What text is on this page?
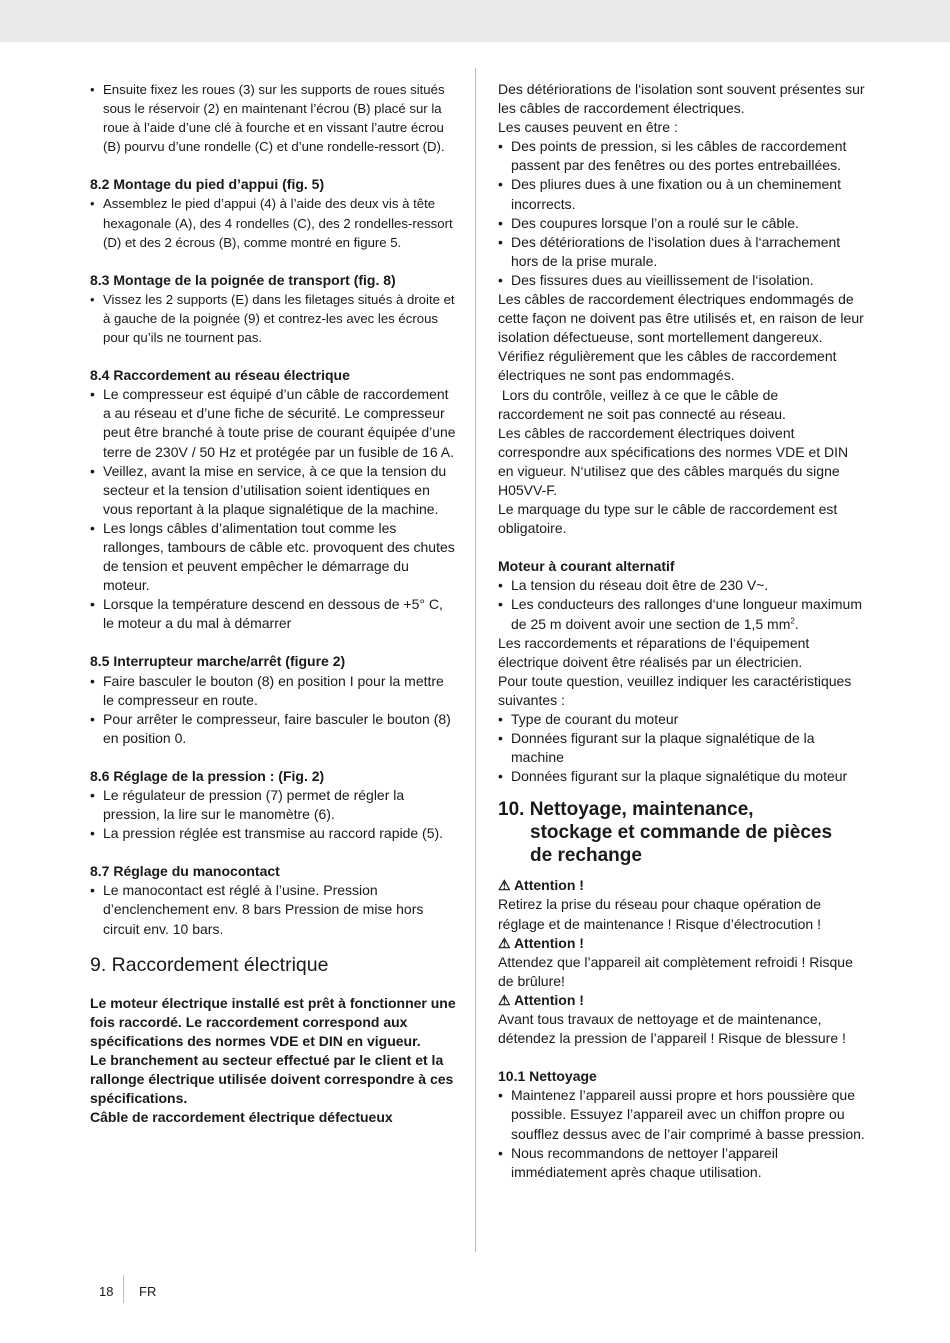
• Ensuite fixez les roues (3) sur les supports de roues situés sous le réservoir (2) en maintenant l’écrou (B) placé sur la roue à l’aide d’une clé à fourche et en vissant l’autre écrou (B) pourvu d’une rondelle (C) et d’une rondelle-ressort (D).

8.2 Montage du pied d’appui (fig. 5)

• Assemblez le pied d’appui (4) à l’aide des deux vis à tête hexagonale (A), des 4 rondelles (C), des 2 rondelles-ressort (D) et des 2 écrous (B), comme montré en figure 5.

8.3 Montage de la poignée de transport (fig. 8)

• Vissez les 2 supports (E) dans les filetages situés à droite et à gauche de la poignée (9) et contrez-les avec les écrous pour qu’ils ne tournent pas.

8.4 Raccordement au réseau électrique

• Le compresseur est équipé d’un câble de raccordement a au réseau et d’une fiche de sécurité. Le compresseur peut être branché à toute prise de courant équipée d’une terre de 230V / 50 Hz et protégée par un fusible de 16 A.
• Veillez, avant la mise en service, à ce que la tension du secteur et la tension d’utilisation soient identiques en vous reportant à la plaque signalétique de la machine.
• Les longs câbles d’alimentation tout comme les rallonges, tambours de câble etc. provoquent des chutes de tension et peuvent empêcher le démarrage du moteur.
• Lorsque la température descend en dessous de +5° C, le moteur a du mal à démarrer

8.5 Interrupteur marche/arrêt (figure 2)

• Faire basculer le bouton (8) en position I pour la mettre le compresseur en route.
• Pour arrêter le compresseur, faire basculer le bouton (8) en position 0.

8.6 Réglage de la pression : (Fig. 2)

• Le régulateur de pression (7) permet de régler la pression, la lire sur le manomètre (6).
• La pression réglée est transmise au raccord rapide (5).

8.7 Réglage du manocontact

• Le manocontact est réglé à l’usine. Pression d’enclenchement env. 8 bars Pression de mise hors circuit env. 10 bars.

9. Raccordement électrique

Le moteur électrique installé est prêt à fonctionner une fois raccordé. Le raccordement correspond aux spécifications des normes VDE et DIN en vigueur.

Le branchement au secteur effectué par le client et la rallonge électrique utilisée doivent correspondre à ces spécifications.

Câble de raccordement électrique défectueux

Des détériorations de l‘isolation sont souvent présentes sur les câbles de raccordement électriques.

Les causes peuvent en être :

• Des points de pression, si les câbles de raccordement passent par des fenêtres ou des portes entrebaillées.
• Des pliures dues à une fixation ou à un cheminement incorrects.
• Des coupures lorsque l’on a roulé sur le câble.
• Des détériorations de l‘isolation dues à l‘arrachement hors de la prise murale.
• Des fissures dues au vieillissement de l‘isolation.

Les câbles de raccordement électriques endommagés de cette façon ne doivent pas être utilisés et, en raison de leur isolation défectueuse, sont mortellement dangereux.

Vérifiez régulièrement que les câbles de raccordement électriques ne sont pas endommagés.

Lors du contrôle, veillez à ce que le câble de raccordement ne soit pas connecté au réseau.

Les câbles de raccordement électriques doivent correspondre aux spécifications des normes VDE et DIN en vigueur. N‘utilisez que des câbles marqués du signe H05VV-F.

Le marquage du type sur le câble de raccordement est obligatoire.

Moteur à courant alternatif

• La tension du réseau doit être de 230 V~.
• Les conducteurs des rallonges d‘une longueur maximum de 25 m doivent avoir une section de 1,5 $mm^2$.

Les raccordements et réparations de l‘équipement électrique doivent être réalisés par un électricien.

Pour toute question, veuillez indiquer les caractéristiques suivantes :

• Type de courant du moteur
• Données figurant sur la plaque signalétique de la machine
• Données figurant sur la plaque signalétique du moteur

10. Nettoyage, maintenance,
stockage et commande de pièces
de rechange

⚠ Attention !

Retirez la prise du réseau pour chaque opération de réglage et de maintenance ! Risque d’électrocution !

⚠ Attention !

Attendez que l’appareil ait complètement refroidi ! Risque de brûlure!

⚠ Attention !

Avant tous travaux de nettoyage et de maintenance, détendez la pression de l’appareil ! Risque de blessure !

10.1 Nettoyage

• Maintenez l’appareil aussi propre et hors poussière que possible. Essuyez l’appareil avec un chiffon propre ou soufflez dessus avec de l’air comprimé à basse pression.
• Nous recommandons de nettoyer l’appareil immédiatement après chaque utilisation.
18 FR
